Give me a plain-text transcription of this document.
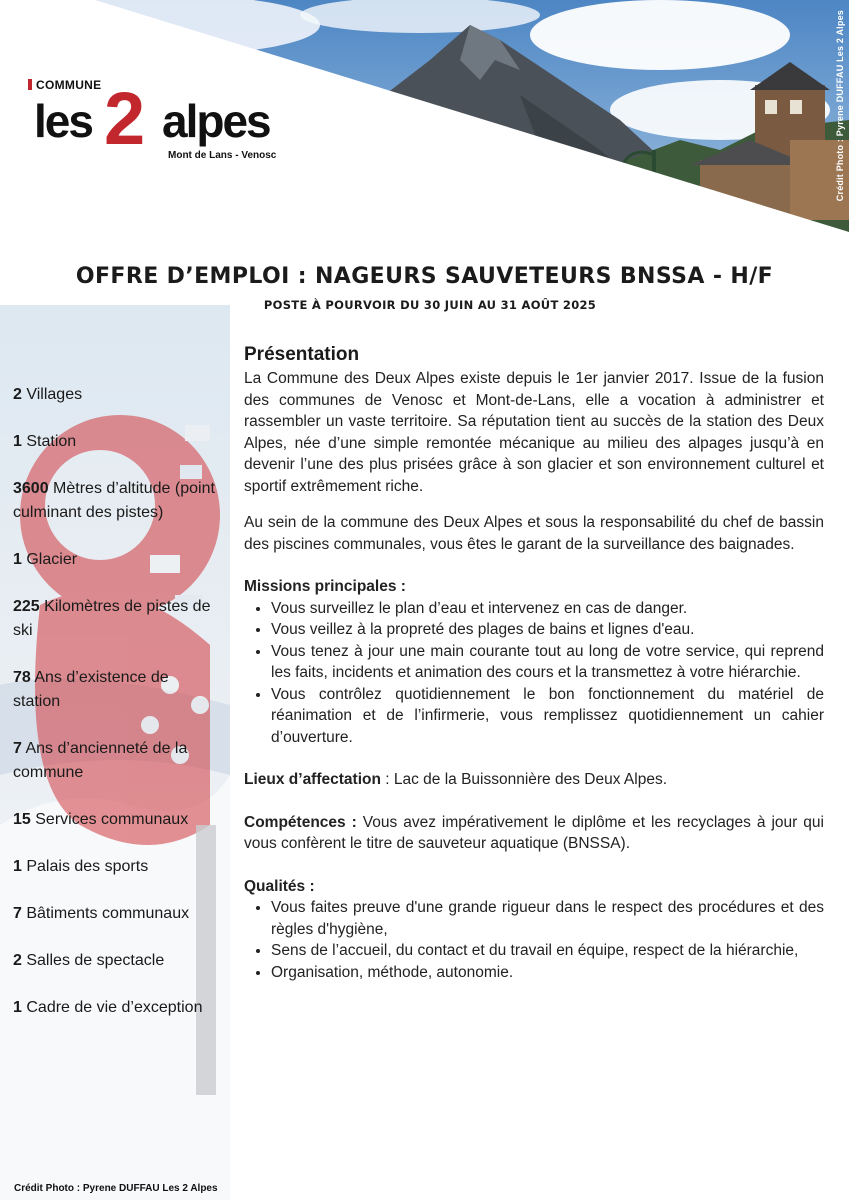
Crédit Photo : Pyrene DUFFAU Les 2 Alpes
COMMUNE
les 2 alpes
Mont de Lans - Venosc
OFFRE D’EMPLOI : NAGEURS SAUVETEURS BNSSA - H/F
POSTE À POURVOIR DU 30 JUIN AU 31 AOÛT 2025
2 Villages
1 Station
3600 Mètres d’altitude (point culminant des pistes)
1 Glacier
225 Kilomètres de pistes de ski
78 Ans d’existence de station
7 Ans d’ancienneté de la commune
15 Services communaux
1 Palais des sports
7 Bâtiments communaux
2 Salles de spectacle
1 Cadre de vie d’exception
Crédit Photo : Pyrene DUFFAU Les 2 Alpes
Présentation

La Commune des Deux Alpes existe depuis le 1er janvier 2017. Issue de la fusion des communes de Venosc et Mont-de-Lans, elle a vocation à administrer et rassembler un vaste territoire. Sa réputation tient au succès de la station des Deux Alpes, née d’une simple remontée mécanique au milieu des alpages jusqu’à en devenir l’une des plus prisées grâce à son glacier et son environnement culturel et sportif extrêmement riche.

Au sein de la commune des Deux Alpes et sous la responsabilité du chef de bassin des piscines communales, vous êtes le garant de la surveillance des baignades.

Missions principales :

• Vous surveillez le plan d’eau et intervenez en cas de danger.
• Vous veillez à la propreté des plages de bains et lignes d'eau.
• Vous tenez à jour une main courante tout au long de votre service, qui reprend les faits, incidents et animation des cours et la transmettez à votre hiérarchie.
• Vous contrôlez quotidiennement le bon fonctionnement du matériel de réanimation et de l’infirmerie, vous remplissez quotidiennement un cahier d’ouverture.

Lieux d’affectation : Lac de la Buissonnière des Deux Alpes.

Compétences : Vous avez impérativement le diplôme et les recyclages à jour qui vous confèrent le titre de sauveteur aquatique (BNSSA).

Qualités :

• Vous faites preuve d'une grande rigueur dans le respect des procédures et des règles d'hygiène,
• Sens de l’accueil, du contact et du travail en équipe, respect de la hiérarchie,
• Organisation, méthode, autonomie.
